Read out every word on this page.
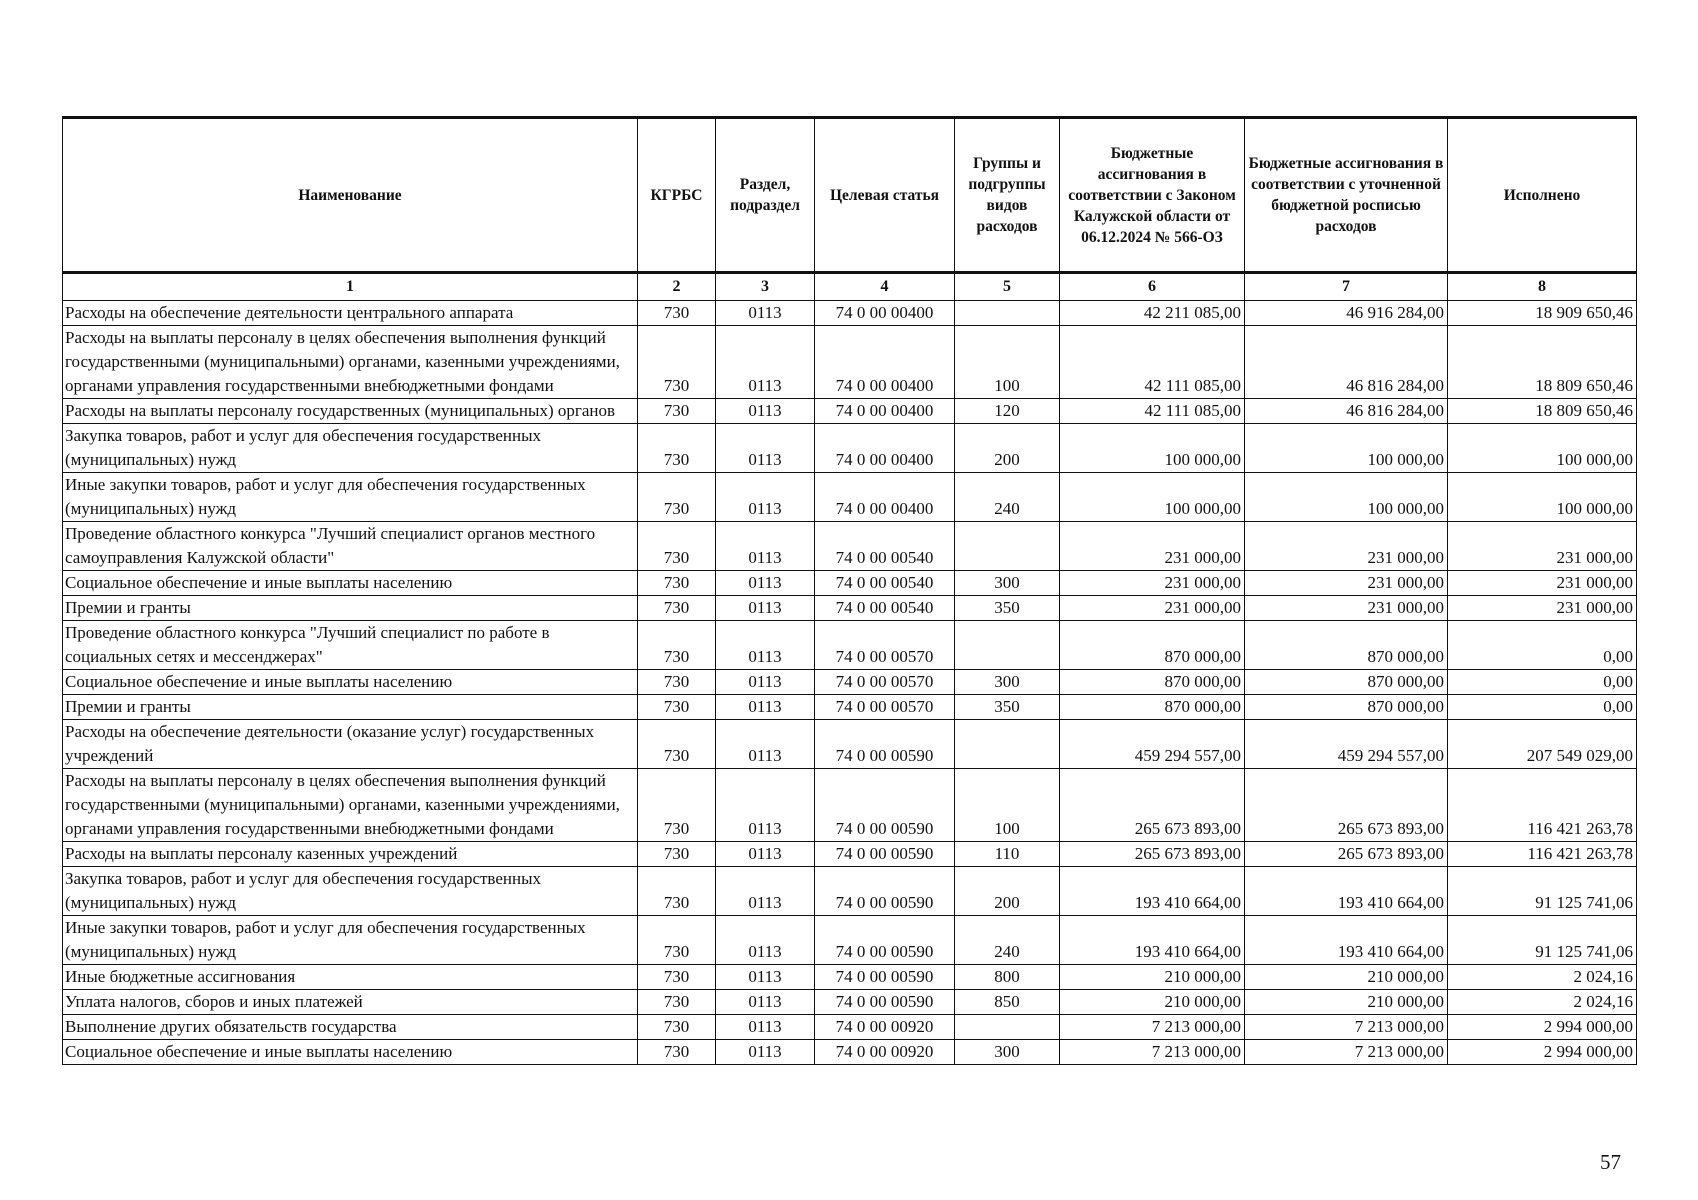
Наименование	КГРБС	Раздел, подраздел	Целевая статья	Группы и подгруппы видов расходов	Бюджетные ассигнования в соответствии с Законом Калужской области от 06.12.2024 № 566-ОЗ	Бюджетные ассигнования в соответствии с уточненной бюджетной росписью расходов	Исполнено
1	2	3	4	5	6	7	8
Расходы на обеспечение деятельности центрального аппарата	730	0113	74 0 00 00400		42 211 085,00	46 916 284,00	18 909 650,46
Расходы на выплаты персоналу в целях обеспечения выполнения функций государственными (муниципальными) органами, казенными учреждениями, органами управления государственными внебюджетными фондами	730	0113	74 0 00 00400	100	42 111 085,00	46 816 284,00	18 809 650,46
Расходы на выплаты персоналу государственных (муниципальных) органов	730	0113	74 0 00 00400	120	42 111 085,00	46 816 284,00	18 809 650,46
Закупка товаров, работ и услуг для обеспечения государственных (муниципальных) нужд	730	0113	74 0 00 00400	200	100 000,00	100 000,00	100 000,00
Иные закупки товаров, работ и услуг для обеспечения государственных (муниципальных) нужд	730	0113	74 0 00 00400	240	100 000,00	100 000,00	100 000,00
Проведение областного конкурса "Лучший специалист органов местного самоуправления Калужской области"	730	0113	74 0 00 00540		231 000,00	231 000,00	231 000,00
Социальное обеспечение и иные выплаты населению	730	0113	74 0 00 00540	300	231 000,00	231 000,00	231 000,00
Премии и гранты	730	0113	74 0 00 00540	350	231 000,00	231 000,00	231 000,00
Проведение областного конкурса "Лучший специалист по работе в социальных сетях и мессенджерах"	730	0113	74 0 00 00570		870 000,00	870 000,00	0,00
Социальное обеспечение и иные выплаты населению	730	0113	74 0 00 00570	300	870 000,00	870 000,00	0,00
Премии и гранты	730	0113	74 0 00 00570	350	870 000,00	870 000,00	0,00
Расходы на обеспечение деятельности (оказание услуг) государственных учреждений	730	0113	74 0 00 00590		459 294 557,00	459 294 557,00	207 549 029,00
Расходы на выплаты персоналу в целях обеспечения выполнения функций государственными (муниципальными) органами, казенными учреждениями, органами управления государственными внебюджетными фондами	730	0113	74 0 00 00590	100	265 673 893,00	265 673 893,00	116 421 263,78
Расходы на выплаты персоналу казенных учреждений	730	0113	74 0 00 00590	110	265 673 893,00	265 673 893,00	116 421 263,78
Закупка товаров, работ и услуг для обеспечения государственных (муниципальных) нужд	730	0113	74 0 00 00590	200	193 410 664,00	193 410 664,00	91 125 741,06
Иные закупки товаров, работ и услуг для обеспечения государственных (муниципальных) нужд	730	0113	74 0 00 00590	240	193 410 664,00	193 410 664,00	91 125 741,06
Иные бюджетные ассигнования	730	0113	74 0 00 00590	800	210 000,00	210 000,00	2 024,16
Уплата налогов, сборов и иных платежей	730	0113	74 0 00 00590	850	210 000,00	210 000,00	2 024,16
Выполнение других обязательств государства	730	0113	74 0 00 00920		7 213 000,00	7 213 000,00	2 994 000,00
Социальное обеспечение и иные выплаты населению	730	0113	74 0 00 00920	300	7 213 000,00	7 213 000,00	2 994 000,00
57
